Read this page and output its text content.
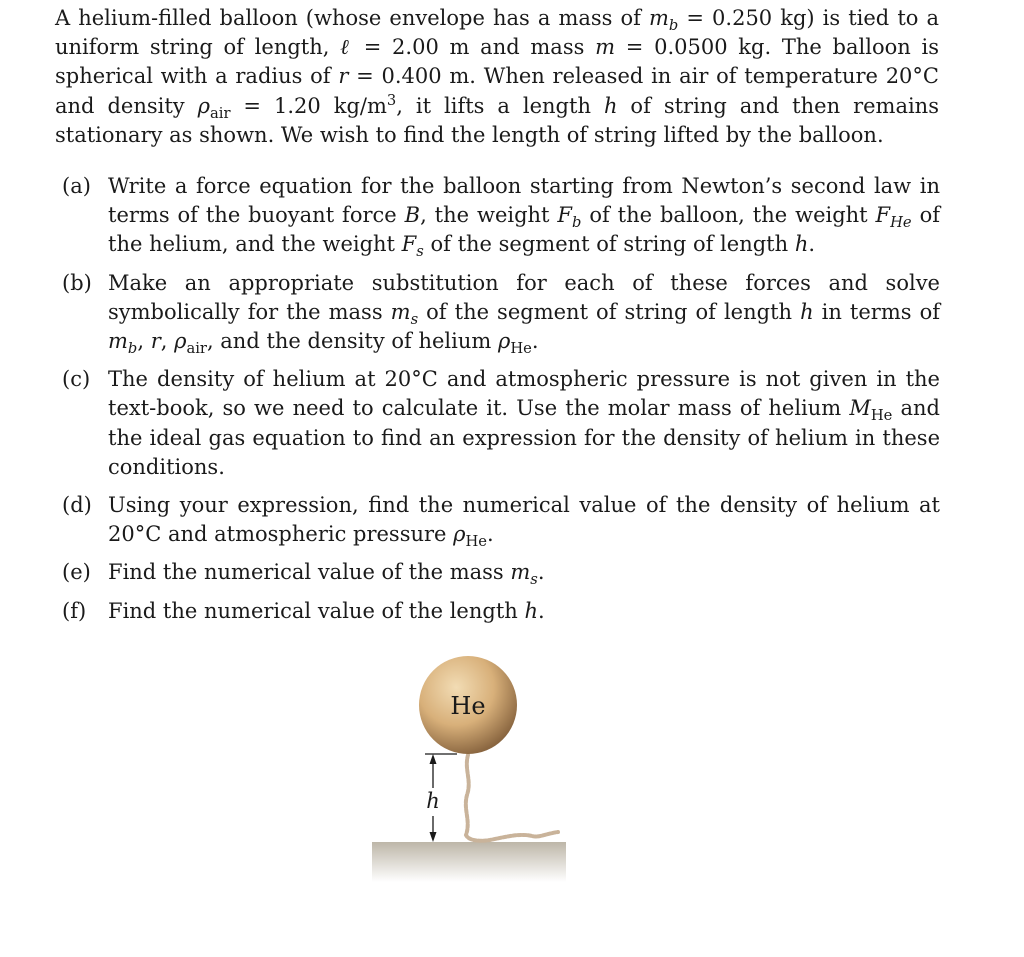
A helium-filled balloon (whose envelope has a mass of $m_b = 0.250$ kg) is tied to a uniform string of length, ℓ = 2.00 m and mass m = 0.0500 kg. The balloon is spherical with a radius of r = 0.400 m. When released in air of temperature 20°C and density $\rho_{air} = 1.20$ $kg/m^3$, it lifts a length h of string and then remains stationary as shown. We wish to find the length of string lifted by the balloon.

(a) Write a force equation for the balloon starting from Newton’s second law in terms of the buoyant force B, the weight $F_b$ of the balloon, the weight $F_{He}$ of the helium, and the weight $F_s$ of the segment of string of length h.
(b) Make an appropriate substitution for each of these forces and solve symbolically for the mass $m_s$ of the segment of string of length h in terms of $m_b$, r, $\rho_{air}$, and the density of helium $\rho_{He}$.
(c) The density of helium at 20°C and atmospheric pressure is not given in the text-book, so we need to calculate it. Use the molar mass of helium $M_{He}$ and the ideal gas equation to find an expression for the density of helium in these conditions.
(d) Using your expression, find the numerical value of the density of helium at 20°C and atmospheric pressure $\rho_{He}$.
(e) Find the numerical value of the mass $m_s$.
(f) Find the numerical value of the length h.
He
h
